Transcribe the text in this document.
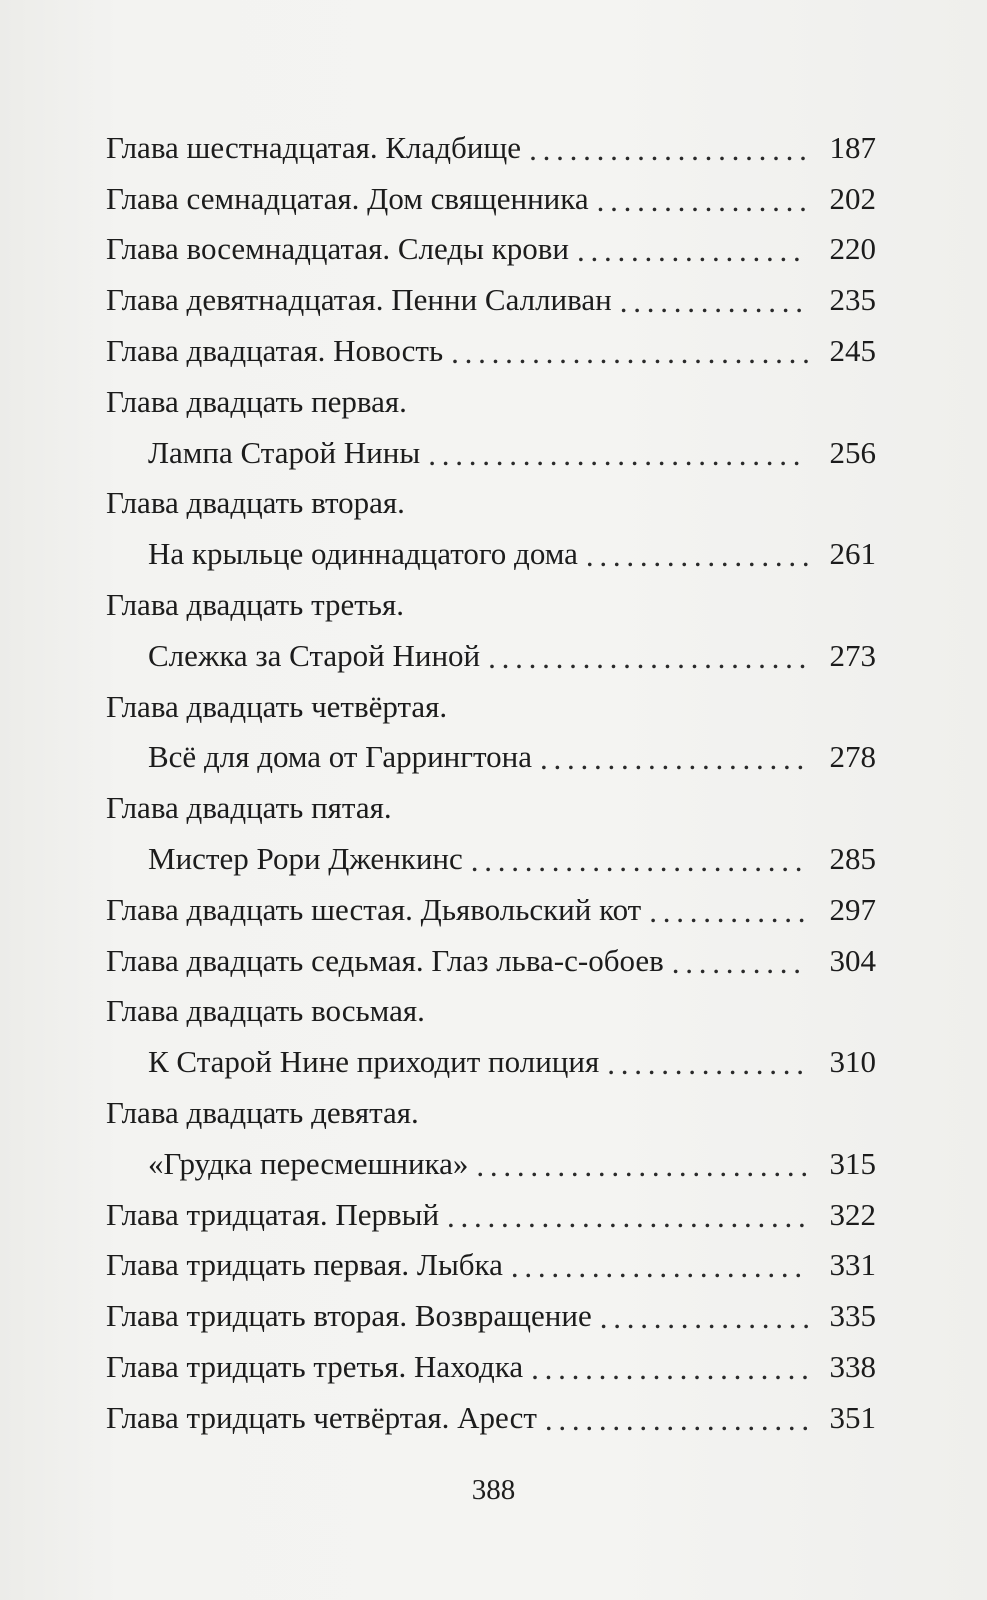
Глава шестнадцатая. Кладбище . . .	187
Глава семнадцатая. Дом священника . . .	202
Глава восемнадцатая. Следы крови . . .	220
Глава девятнадцатая. Пенни Салливан . . .	235
Глава двадцатая. Новость . . .	245
Глава двадцать первая.
Лампа Старой Нины . . .	256
Глава двадцать вторая.
На крыльце одиннадцатого дома . . .	261
Глава двадцать третья.
Слежка за Старой Ниной . . .	273
Глава двадцать четвёртая.
Всё для дома от Гаррингтона . . .	278
Глава двадцать пятая.
Мистер Рори Дженкинс . . .	285
Глава двадцать шестая. Дьявольский кот . . .	297
Глава двадцать седьмая. Глаз льва-с-обоев . . .	304
Глава двадцать восьмая.
К Старой Нине приходит полиция . . .	310
Глава двадцать девятая.
«Грудка пересмешника» . . .	315
Глава тридцатая. Первый . . .	322
Глава тридцать первая. Лыбка . . .	331
Глава тридцать вторая. Возвращение . . .	335
Глава тридцать третья. Находка . . .	338
Глава тридцать четвёртая. Арест . . .	351
388
